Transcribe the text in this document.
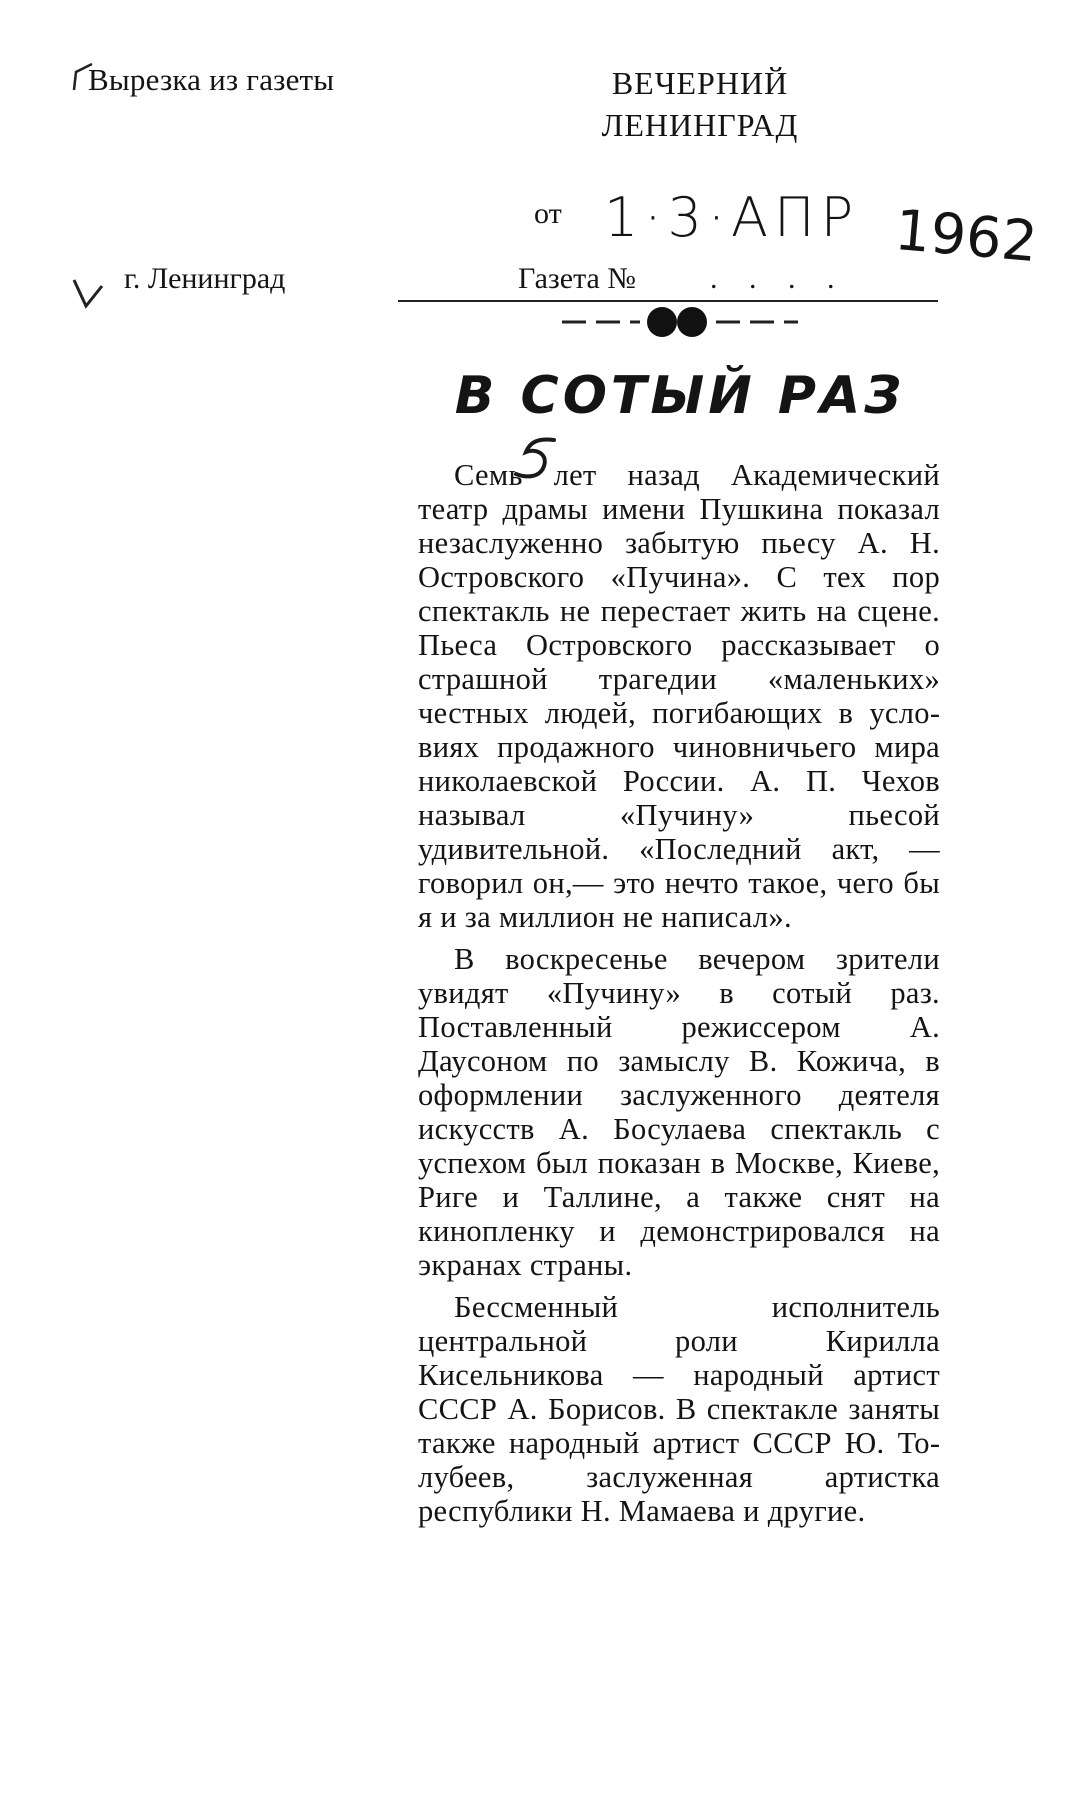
Вырезка из газеты	ВЕЧЕРНИЙ
ЛЕНИНГРАД
от 1·3·АПР 1962
г. Ленинград	Газета № . . . .
В СОТЫЙ РАЗ

Семь лет назад Академический театр драмы имени Пушкина показал незаслуженно забытую пьесу А. Н. Островского «Пучина». С тех пор спектакль не перестает жить на сцене. Пьеса Островского рассказывает о страшной трагедии «маленьких» честных людей, погибающих в условиях продажного чиновничьего мира николаевской России. А. П. Чехов называл «Пучину» пьесой удивительной. «Последний акт, — говорил он,— это нечто такое, чего бы я и за миллион не написал».

В воскресенье вечером зрители увидят «Пучину» в сотый раз. Поставленный режиссером А. Даусоном по замыслу В. Кожича, в оформлении заслуженного деятеля искусств А. Босулаева спектакль с успехом был показан в Москве, Киеве, Риге и Таллине, а также снят на кинопленку и демонстрировался на экранах страны.

Бессменный исполнитель центральной роли Кирилла Кисельникова — народный артист СССР А. Борисов. В спектакле заняты также народный артист СССР Ю. Толубеев, заслуженная артистка республики Н. Мамаева и другие.
